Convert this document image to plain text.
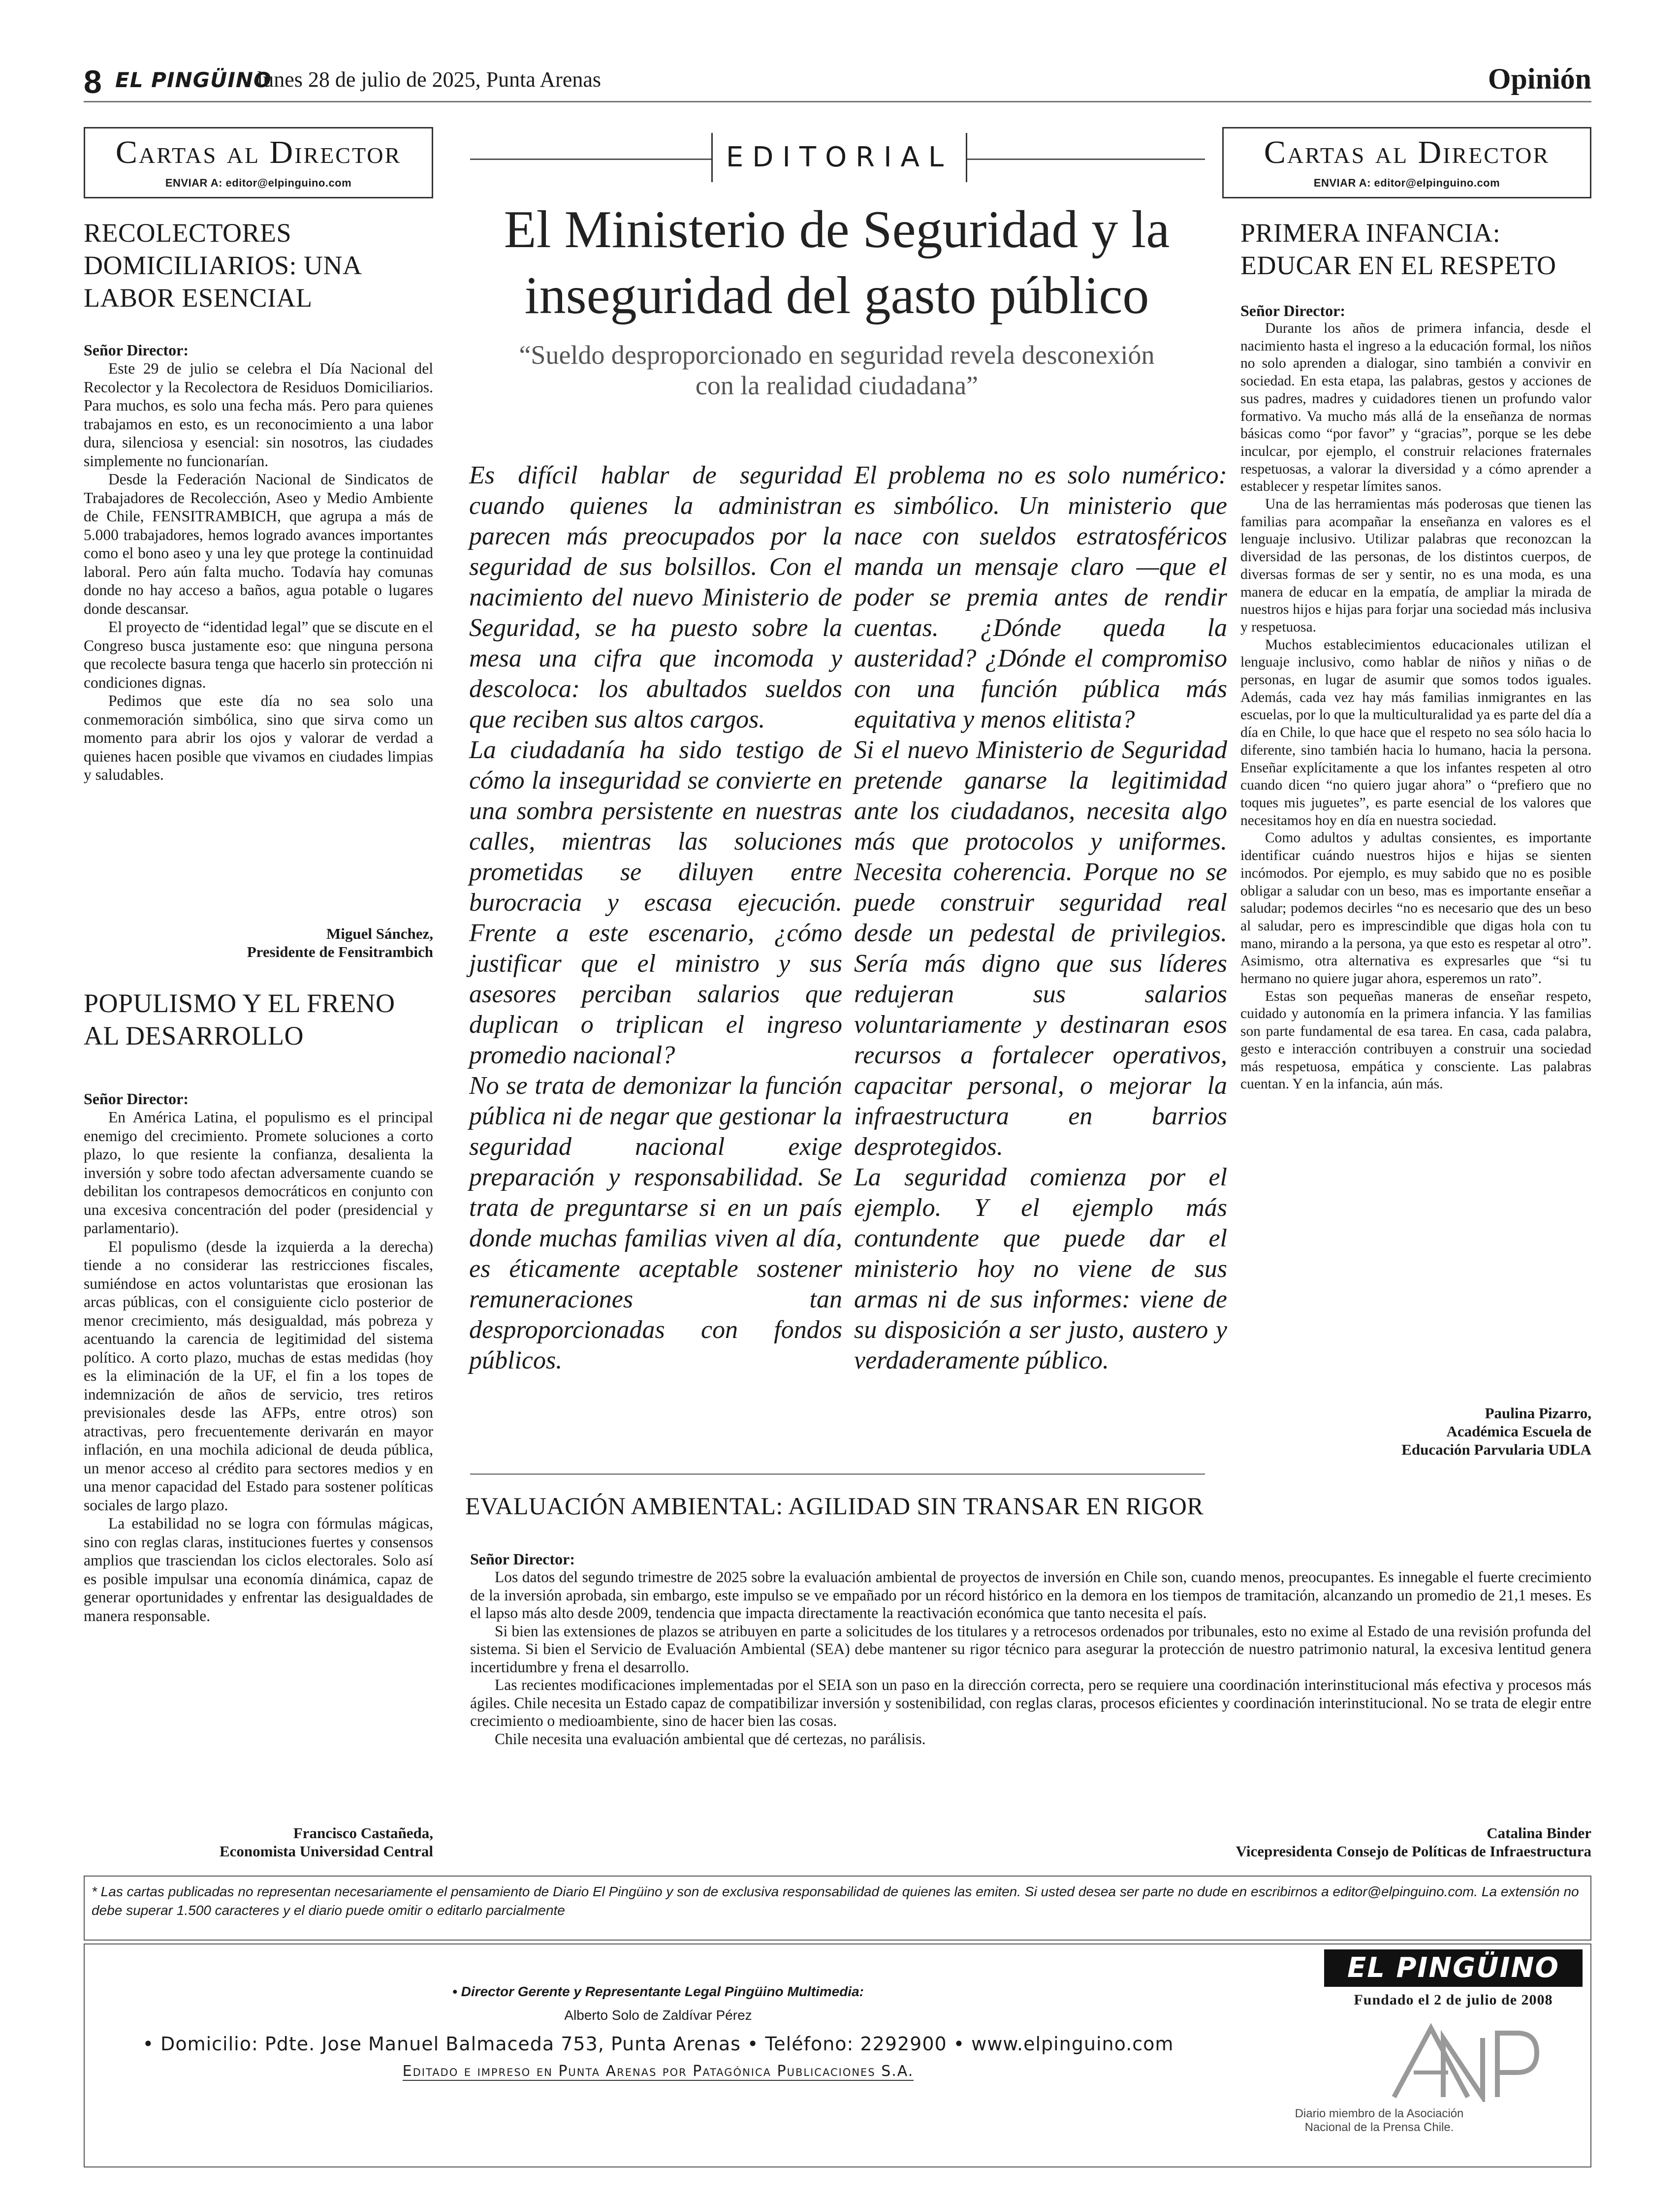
8 EL PINGÜINO
lunes 28 de julio de 2025, Punta Arenas	Opinión
Cartas al Director
ENVIAR A: editor@elpinguino.com
RECOLECTORES DOMICILIARIOS: UNA LABOR ESENCIAL

Señor Director:

Este 29 de julio se celebra el Día Nacional del Recolector y la Recolectora de Residuos Domiciliarios. Para muchos, es solo una fecha más. Pero para quienes trabajamos en esto, es un reconocimiento a una labor dura, silenciosa y esencial: sin nosotros, las ciudades simplemente no funcionarían.

Desde la Federación Nacional de Sindicatos de Trabajadores de Recolección, Aseo y Medio Ambiente de Chile, FENSITRAMBICH, que agrupa a más de 5.000 trabajadores, hemos logrado avances importantes como el bono aseo y una ley que protege la continuidad laboral. Pero aún falta mucho. Todavía hay comunas donde no hay acceso a baños, agua potable o lugares donde descansar.

El proyecto de “identidad legal” que se discute en el Congreso busca justamente eso: que ninguna persona que recolecte basura tenga que hacerlo sin protección ni condiciones dignas.

Pedimos que este día no sea solo una conmemoración simbólica, sino que sirva como un momento para abrir los ojos y valorar de verdad a quienes hacen posible que vivamos en ciudades limpias y saludables.

Miguel Sánchez,
Presidente de Fensitrambich
POPULISMO Y EL FRENO AL DESARROLLO

Señor Director:

En América Latina, el populismo es el principal enemigo del crecimiento. Promete soluciones a corto plazo, lo que resiente la confianza, desalienta la inversión y sobre todo afectan adversamente cuando se debilitan los contrapesos democráticos en conjunto con una excesiva concentración del poder (presidencial y parlamentario).

El populismo (desde la izquierda a la derecha) tiende a no considerar las restricciones fiscales, sumiéndose en actos voluntaristas que erosionan las arcas públicas, con el consiguiente ciclo posterior de menor crecimiento, más desigualdad, más pobreza y acentuando la carencia de legitimidad del sistema político. A corto plazo, muchas de estas medidas (hoy es la eliminación de la UF, el fin a los topes de indemnización de años de servicio, tres retiros previsionales desde las AFPs, entre otros) son atractivas, pero frecuentemente derivarán en mayor inflación, en una mochila adicional de deuda pública, un menor acceso al crédito para sectores medios y en una menor capacidad del Estado para sostener políticas sociales de largo plazo.

La estabilidad no se logra con fórmulas mágicas, sino con reglas claras, instituciones fuertes y consensos amplios que trasciendan los ciclos electorales. Solo así es posible impulsar una economía dinámica, capaz de generar oportunidades y enfrentar las desigualdades de manera responsable.

Francisco Castañeda,
Economista Universidad Central
EDITORIAL
El Ministerio de Seguridad y la inseguridad del gasto público
“Sueldo desproporcionado en seguridad revela desconexión con la realidad ciudadana”

Es difícil hablar de seguridad cuando quienes la administran parecen más preocupados por la seguridad de sus bolsillos. Con el nacimiento del nuevo Ministerio de Seguridad, se ha puesto sobre la mesa una cifra que incomoda y descoloca: los abultados sueldos que reciben sus altos cargos.

La ciudadanía ha sido testigo de cómo la inseguridad se convierte en una sombra persistente en nuestras calles, mientras las soluciones prometidas se diluyen entre burocracia y escasa ejecución. Frente a este escenario, ¿cómo justificar que el ministro y sus asesores perciban salarios que duplican o triplican el ingreso promedio nacional?

No se trata de demonizar la función pública ni de negar que gestionar la seguridad nacional exige preparación y responsabilidad. Se trata de preguntarse si en un país donde muchas familias viven al día, es éticamente aceptable sostener remuneraciones tan desproporcionadas con fondos públicos.

El problema no es solo numérico: es simbólico. Un ministerio que nace con sueldos estratosféricos manda un mensaje claro —que el poder se premia antes de rendir cuentas. ¿Dónde queda la austeridad? ¿Dónde el compromiso con una función pública más equitativa y menos elitista?

Si el nuevo Ministerio de Seguridad pretende ganarse la legitimidad ante los ciudadanos, necesita algo más que protocolos y uniformes. Necesita coherencia. Porque no se puede construir seguridad real desde un pedestal de privilegios. Sería más digno que sus líderes redujeran sus salarios voluntariamente y destinaran esos recursos a fortalecer operativos, capacitar personal, o mejorar la infraestructura en barrios desprotegidos.

La seguridad comienza por el ejemplo. Y el ejemplo más contundente que puede dar el ministerio hoy no viene de sus armas ni de sus informes: viene de su disposición a ser justo, austero y verdaderamente público.

Cartas al Director
ENVIAR A: editor@elpinguino.com
PRIMERA INFANCIA: EDUCAR EN EL RESPETO

Señor Director:

Durante los años de primera infancia, desde el nacimiento hasta el ingreso a la educación formal, los niños no solo aprenden a dialogar, sino también a convivir en sociedad. En esta etapa, las palabras, gestos y acciones de sus padres, madres y cuidadores tienen un profundo valor formativo. Va mucho más allá de la enseñanza de normas básicas como “por favor” y “gracias”, porque se les debe inculcar, por ejemplo, el construir relaciones fraternales respetuosas, a valorar la diversidad y a cómo aprender a establecer y respetar límites sanos.

Una de las herramientas más poderosas que tienen las familias para acompañar la enseñanza en valores es el lenguaje inclusivo. Utilizar palabras que reconozcan la diversidad de las personas, de los distintos cuerpos, de diversas formas de ser y sentir, no es una moda, es una manera de educar en la empatía, de ampliar la mirada de nuestros hijos e hijas para forjar una sociedad más inclusiva y respetuosa.

Muchos establecimientos educacionales utilizan el lenguaje inclusivo, como hablar de niños y niñas o de personas, en lugar de asumir que somos todos iguales. Además, cada vez hay más familias inmigrantes en las escuelas, por lo que la multiculturalidad ya es parte del día a día en Chile, lo que hace que el respeto no sea sólo hacia lo diferente, sino también hacia lo humano, hacia la persona. Enseñar explícitamente a que los infantes respeten al otro cuando dicen “no quiero jugar ahora” o “prefiero que no toques mis juguetes”, es parte esencial de los valores que necesitamos hoy en día en nuestra sociedad.

Como adultos y adultas consientes, es importante identificar cuándo nuestros hijos e hijas se sienten incómodos. Por ejemplo, es muy sabido que no es posible obligar a saludar con un beso, mas es importante enseñar a saludar; podemos decirles “no es necesario que des un beso al saludar, pero es imprescindible que digas hola con tu mano, mirando a la persona, ya que esto es respetar al otro”. Asimismo, otra alternativa es expresarles que “si tu hermano no quiere jugar ahora, esperemos un rato”.

Estas son pequeñas maneras de enseñar respeto, cuidado y autonomía en la primera infancia. Y las familias son parte fundamental de esa tarea. En casa, cada palabra, gesto e interacción contribuyen a construir una sociedad más respetuosa, empática y consciente. Las palabras cuentan. Y en la infancia, aún más.

Paulina Pizarro,
Académica Escuela de
Educación Parvularia UDLA
EVALUACIÓN AMBIENTAL: AGILIDAD SIN TRANSAR EN RIGOR

Señor Director:

Los datos del segundo trimestre de 2025 sobre la evaluación ambiental de proyectos de inversión en Chile son, cuando menos, preocupantes. Es innegable el fuerte crecimiento de la inversión aprobada, sin embargo, este impulso se ve empañado por un récord histórico en la demora en los tiempos de tramitación, alcanzando un promedio de 21,1 meses. Es el lapso más alto desde 2009, tendencia que impacta directamente la reactivación económica que tanto necesita el país.

Si bien las extensiones de plazos se atribuyen en parte a solicitudes de los titulares y a retrocesos ordenados por tribunales, esto no exime al Estado de una revisión profunda del sistema. Si bien el Servicio de Evaluación Ambiental (SEA) debe mantener su rigor técnico para asegurar la protección de nuestro patrimonio natural, la excesiva lentitud genera incertidumbre y frena el desarrollo.

Las recientes modificaciones implementadas por el SEIA son un paso en la dirección correcta, pero se requiere una coordinación interinstitucional más efectiva y procesos más ágiles. Chile necesita un Estado capaz de compatibilizar inversión y sostenibilidad, con reglas claras, procesos eficientes y coordinación interinstitucional. No se trata de elegir entre crecimiento o medioambiente, sino de hacer bien las cosas.

Chile necesita una evaluación ambiental que dé certezas, no parálisis.

Catalina Binder
Vicepresidenta Consejo de Políticas de Infraestructura
* Las cartas publicadas no representan necesariamente el pensamiento de Diario El Pingüino y son de exclusiva responsabilidad de quienes las emiten. Si usted desea ser parte no dude en escribirnos a editor@elpinguino.com. La extensión no debe superar 1.500 caracteres y el diario puede omitir o editarlo parcialmente
• Director Gerente y Representante Legal Pingüino Multimedia:
Alberto Solo de Zaldívar Pérez
• Domicilio: Pdte. Jose Manuel Balmaceda 753, Punta Arenas • Teléfono: 2292900 • www.elpinguino.com
Editado e impreso en Punta Arenas por Patagónica Publicaciones S.A.
EL PINGÜINO
Fundado el 2 de julio de 2008
Diario miembro de la Asociación Nacional de la Prensa Chile.
